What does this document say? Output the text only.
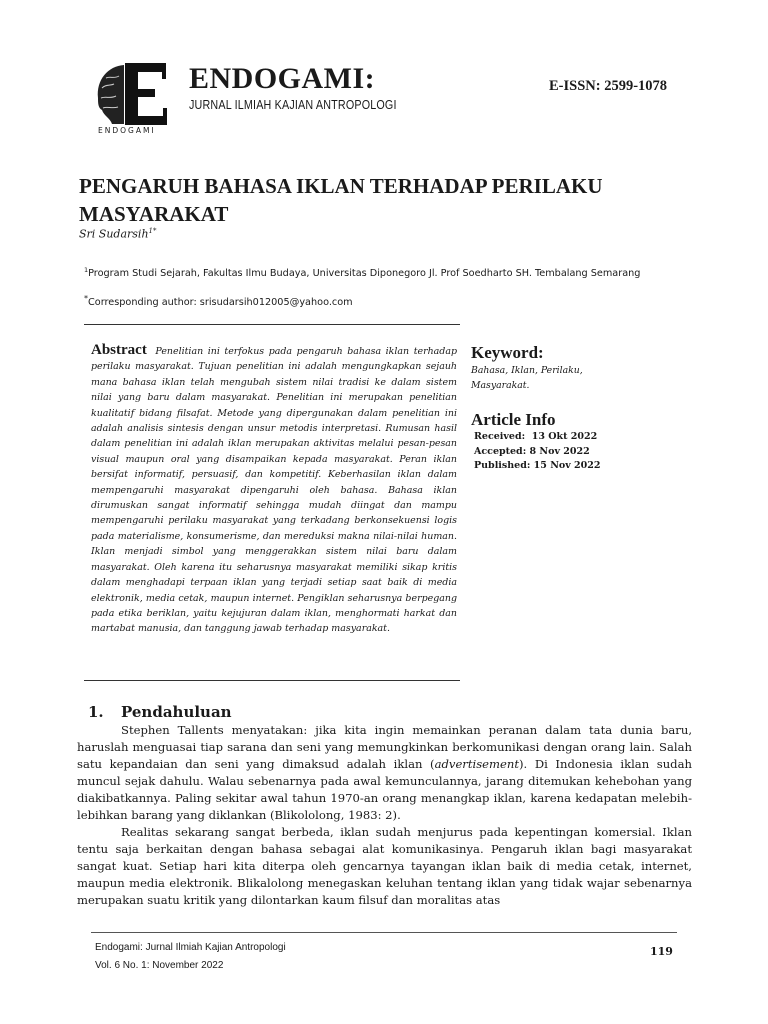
ENDOGAMI
ENDOGAMI:
JURNAL ILMIAH KAJIAN ANTROPOLOGI
E-ISSN: 2599-1078
PENGARUH BAHASA IKLAN TERHADAP PERILAKU MASYARAKAT
Sri Sudarsih$^{1*}$
$^1$Program Studi Sejarah, Fakultas Ilmu Budaya, Universitas Diponegoro Jl. Prof Soedharto SH. Tembalang Semarang
*Corresponding author: srisudarsih012005@yahoo.com
Abstract Penelitian ini terfokus pada pengaruh bahasa iklan terhadap perilaku masyarakat. Tujuan penelitian ini adalah mengungkapkan sejauh mana bahasa iklan telah mengubah sistem nilai tradisi ke dalam sistem nilai yang baru dalam masyarakat. Penelitian ini merupakan penelitian kualitatif bidang filsafat. Metode yang dipergunakan dalam penelitian ini adalah analisis sintesis dengan unsur metodis interpretasi. Rumusan hasil dalam penelitian ini adalah iklan merupakan aktivitas melalui pesan-pesan visual maupun oral yang disampaikan kepada masyarakat. Peran iklan bersifat informatif, persuasif, dan kompetitif. Keberhasilan iklan dalam mempengaruhi masyarakat dipengaruhi oleh bahasa. Bahasa iklan dirumuskan sangat informatif sehingga mudah diingat dan mampu mempengaruhi perilaku masyarakat yang terkadang berkonsekuensi logis pada materialisme, konsumerisme, dan mereduksi makna nilai-nilai human. Iklan menjadi simbol yang menggerakkan sistem nilai baru dalam masyarakat. Oleh karena itu seharusnya masyarakat memiliki sikap kritis dalam menghadapi terpaan iklan yang terjadi setiap saat baik di media elektronik, media cetak, maupun internet. Pengiklan seharusnya berpegang pada etika beriklan, yaitu kejujuran dalam iklan, menghormati harkat dan martabat manusia, dan tanggung jawab terhadap masyarakat.
Keyword:
Bahasa, Iklan, Perilaku, Masyarakat.
Article Info
Received:  13 Okt 2022
Accepted: 8 Nov 2022
Published: 15 Nov 2022
1. Pendahuluan

Stephen Tallents menyatakan: jika kita ingin memainkan peranan dalam tata dunia baru, haruslah menguasai tiap sarana dan seni yang memungkinkan berkomunikasi dengan orang lain. Salah satu kepandaian dan seni yang dimaksud adalah iklan (advertisement). Di Indonesia iklan sudah muncul sejak dahulu. Walau sebenarnya pada awal kemunculannya, jarang ditemukan kehebohan yang diakibatkannya. Paling sekitar awal tahun 1970-an orang menangkap iklan, karena kedapatan melebih-lebihkan barang yang diklankan (Blikololong, 1983: 2).

Realitas sekarang sangat berbeda, iklan sudah menjurus pada kepentingan komersial. Iklan tentu saja berkaitan dengan bahasa sebagai alat komunikasinya. Pengaruh iklan bagi masyarakat sangat kuat. Setiap hari kita diterpa oleh gencarnya tayangan iklan baik di media cetak, internet, maupun media elektronik. Blikalolong menegaskan keluhan tentang iklan yang tidak wajar sebenarnya merupakan suatu kritik yang dilontarkan kaum filsuf dan moralitas atas

Endogami: Jurnal Ilmiah Kajian Antropologi
Vol. 6 No. 1: November 2022
119
